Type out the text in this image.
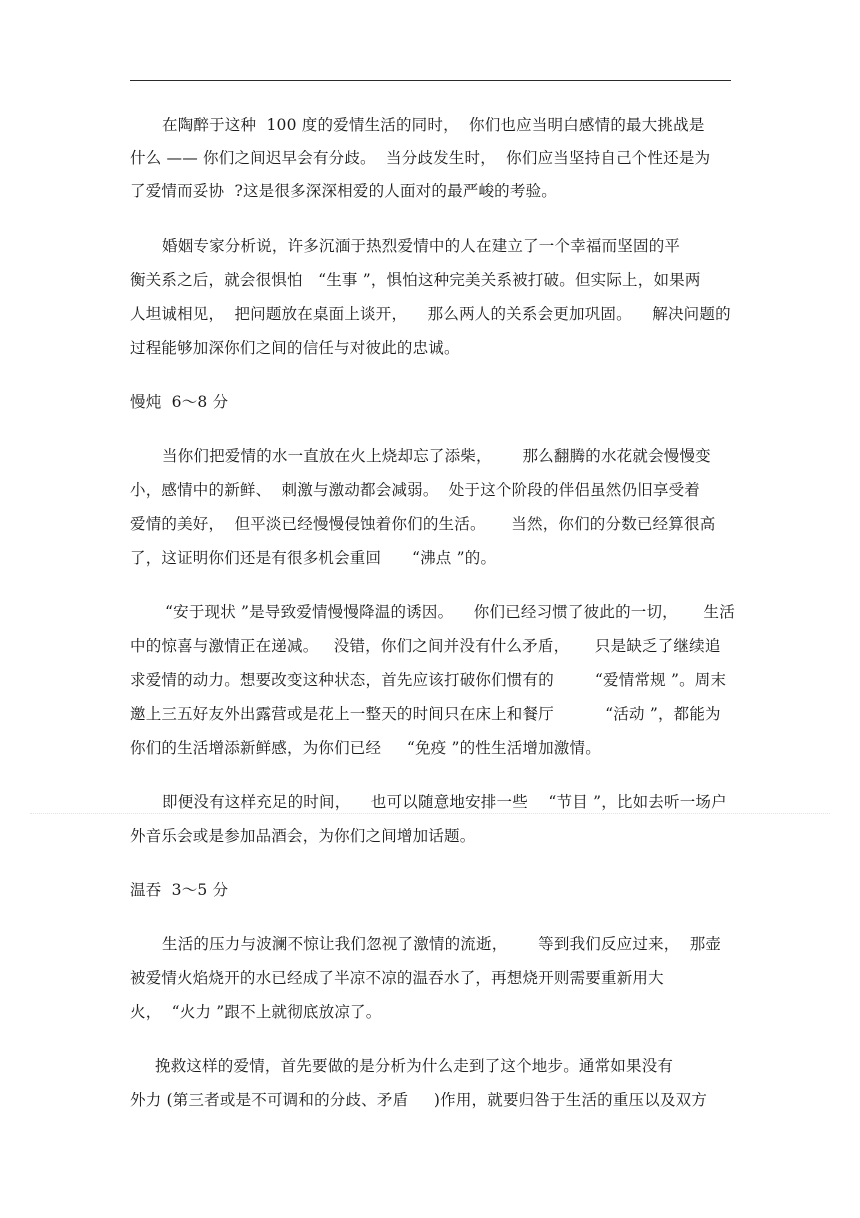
在陶醉于这种  100 度的爱情生活的同时，  你们也应当明白感情的最大挑战是
什么 —— 你们之间迟早会有分歧。  当分歧发生时，  你们应当坚持自己个性还是为
了爱情而妥协  ?这是很多深深相爱的人面对的最严峻的考验。
婚姻专家分析说，许多沉湎于热烈爱情中的人在建立了一个幸福而坚固的平
衡关系之后，就会很惧怕   “生事 ”，惧怕这种完美关系被打破。但实际上，如果两
人坦诚相见，  把问题放在桌面上谈开，    那么两人的关系会更加巩固。    解决问题的
过程能够加深你们之间的信任与对彼此的忠诚。
慢炖  6～8 分
当你们把爱情的水一直放在火上烧却忘了添柴，      那么翻腾的水花就会慢慢变
小，感情中的新鲜、  刺激与激动都会减弱。  处于这个阶段的伴侣虽然仍旧享受着
爱情的美好，  但平淡已经慢慢侵蚀着你们的生活。     当然，你们的分数已经算很高
了，这证明你们还是有很多机会重回      “沸点 ”的。
“安于现状 ”是导致爱情慢慢降温的诱因。    你们已经习惯了彼此的一切，     生活
中的惊喜与激情正在递减。   没错，你们之间并没有什么矛盾，     只是缺乏了继续追
求爱情的动力。想要改变这种状态，首先应该打破你们惯有的        “爱情常规 ”。周末
邀上三五好友外出露营或是花上一整天的时间只在床上和餐厅          “活动 ”，都能为
你们的生活增添新鲜感，为你们已经     “免疫 ”的性生活增加激情。
即便没有这样充足的时间，    也可以随意地安排一些    “节目 ”，比如去听一场户
外音乐会或是参加品酒会，为你们之间增加话题。
温吞  3～5 分
生活的压力与波澜不惊让我们忽视了激情的流逝，      等到我们反应过来，  那壶
被爱情火焰烧开的水已经成了半凉不凉的温吞水了，再想烧开则需要重新用大
火，  “火力 ”跟不上就彻底放凉了。
挽救这样的爱情，首先要做的是分析为什么走到了这个地步。通常如果没有
外力 (第三者或是不可调和的分歧、矛盾     )作用，就要归咎于生活的重压以及双方
